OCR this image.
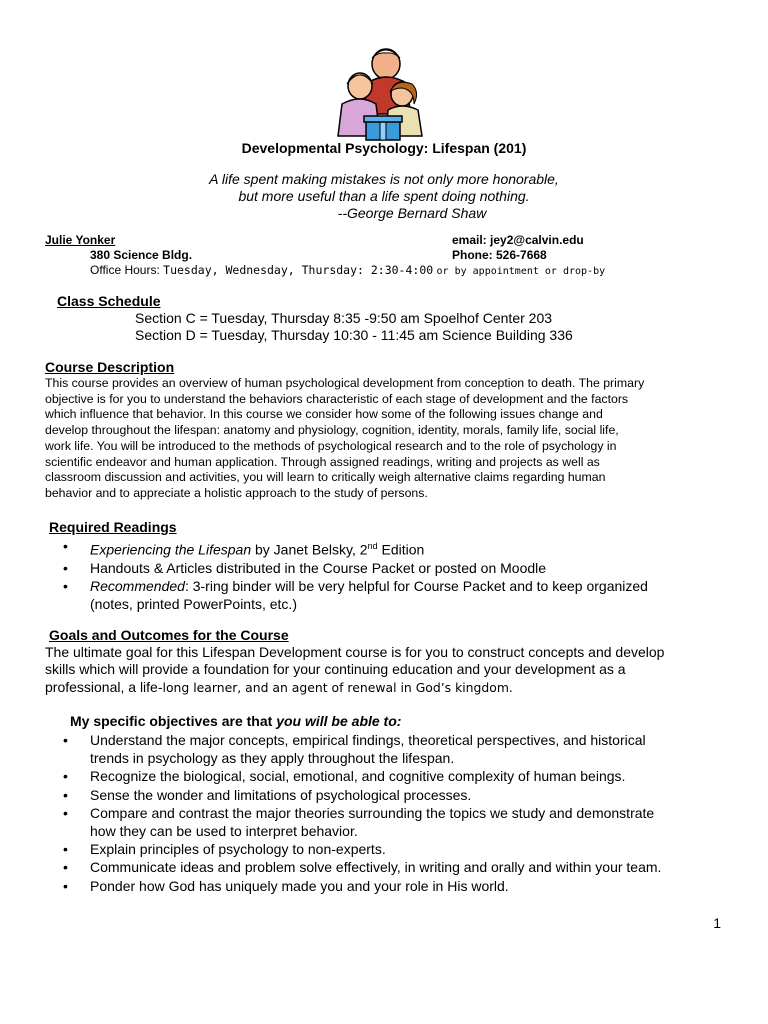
Developmental Psychology: Lifespan (201)
A life spent making mistakes is not only more honorable,
but more useful than a life spent doing nothing.
--George Bernard Shaw
Julie Yonker
380 Science Bldg.
email: jey2@calvin.edu
Phone: 526-7668
Office Hours: Tuesday, Wednesday, Thursday: 2:30-4:00 or by appointment or drop-by
Class Schedule
Section C = Tuesday, Thursday 8:35 -9:50 am Spoelhof Center 203
Section D = Tuesday, Thursday 10:30 - 11:45 am Science Building 336
Course Description
This course provides an overview of human psychological development from conception to death. The primary
objective is for you to understand the behaviors characteristic of each stage of development and the factors
which influence that behavior. In this course we consider how some of the following issues change and
develop throughout the lifespan: anatomy and physiology, cognition, identity, morals, family life, social life,
work life. You will be introduced to the methods of psychological research and to the role of psychology in
scientific endeavor and human application. Through assigned readings, writing and projects as well as
classroom discussion and activities, you will learn to critically weigh alternative claims regarding human
behavior and to appreciate a holistic approach to the study of persons.
Required Readings
• Experiencing the Lifespan by Janet Belsky, 2nd Edition
• Handouts & Articles distributed in the Course Packet or posted on Moodle
• Recommended: 3-ring binder will be very helpful for Course Packet and to keep organized
(notes, printed PowerPoints, etc.)
Goals and Outcomes for the Course
The ultimate goal for this Lifespan Development course is for you to construct concepts and develop
skills which will provide a foundation for your continuing education and your development as a
professional, a life-long learner, and an agent of renewal in God’s kingdom.
My specific objectives are that you will be able to:
• Understand the major concepts, empirical findings, theoretical perspectives, and historical
trends in psychology as they apply throughout the lifespan.
• Recognize the biological, social, emotional, and cognitive complexity of human beings.
• Sense the wonder and limitations of psychological processes.
• Compare and contrast the major theories surrounding the topics we study and demonstrate
how they can be used to interpret behavior.
• Explain principles of psychology to non-experts.
• Communicate ideas and problem solve effectively, in writing and orally and within your team.
• Ponder how God has uniquely made you and your role in His world.
1
